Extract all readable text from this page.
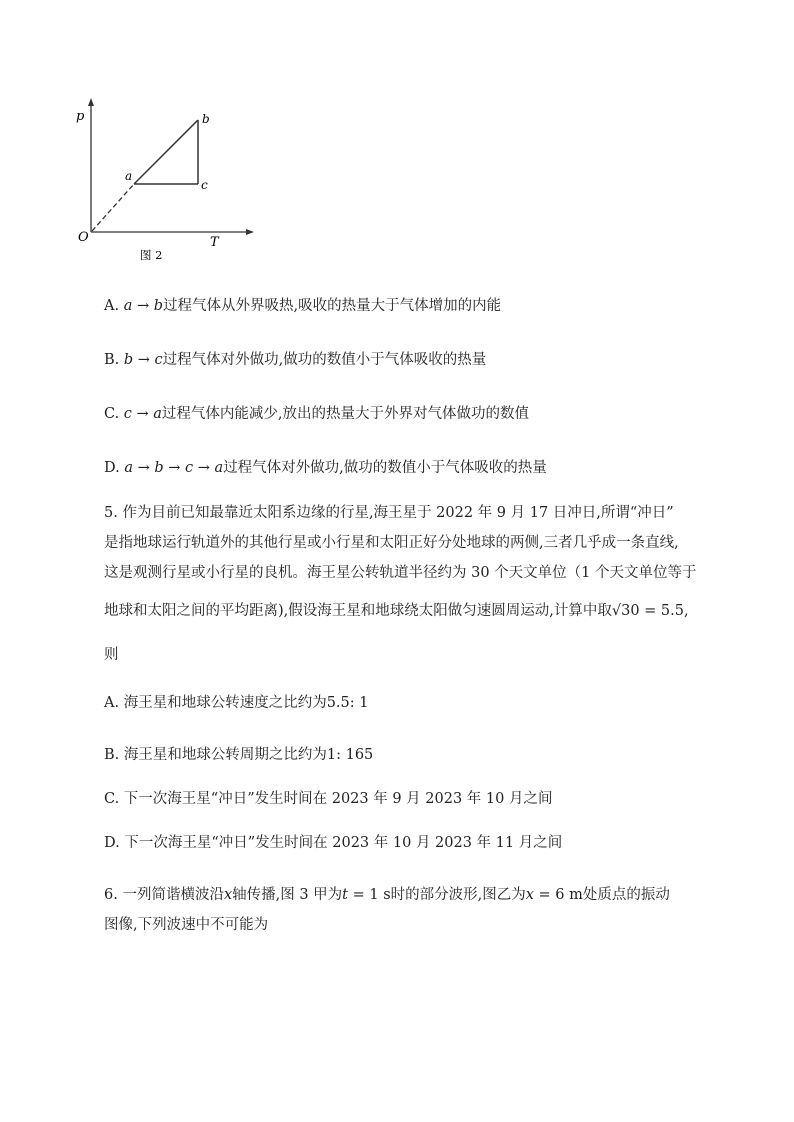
p
T
O
a
b
c
图 2
A. 𝑎 → 𝑏过程气体从外界吸热,吸收的热量大于气体增加的内能
B. 𝑏 → 𝑐过程气体对外做功,做功的数值小于气体吸收的热量
C. 𝑐 → 𝑎过程气体内能减少,放出的热量大于外界对气体做功的数值
D. 𝑎 → 𝑏 → 𝑐 → 𝑎过程气体对外做功,做功的数值小于气体吸收的热量
5. 作为目前已知最靠近太阳系边缘的行星,海王星于 2022 年 9 月 17 日冲日,所谓“冲日”
是指地球运行轨道外的其他行星或小行星和太阳正好分处地球的两侧,三者几乎成一条直线,
这是观测行星或小行星的良机。海王星公转轨道半径约为 30 个天文单位（1 个天文单位等于
地球和太阳之间的平均距离),假设海王星和地球绕太阳做匀速圆周运动,计算中取√30 = 5.5,
则
A. 海王星和地球公转速度之比约为5.5: 1
B. 海王星和地球公转周期之比约为1: 165
C. 下一次海王星“冲日”发生时间在 2023 年 9 月 2023 年 10 月之间
D. 下一次海王星“冲日”发生时间在 2023 年 10 月 2023 年 11 月之间
6. 一列简谐横波沿𝑥轴传播,图 3 甲为𝑡 = 1 s时的部分波形,图乙为𝑥 = 6 m处质点的振动
图像,下列波速中不可能为
